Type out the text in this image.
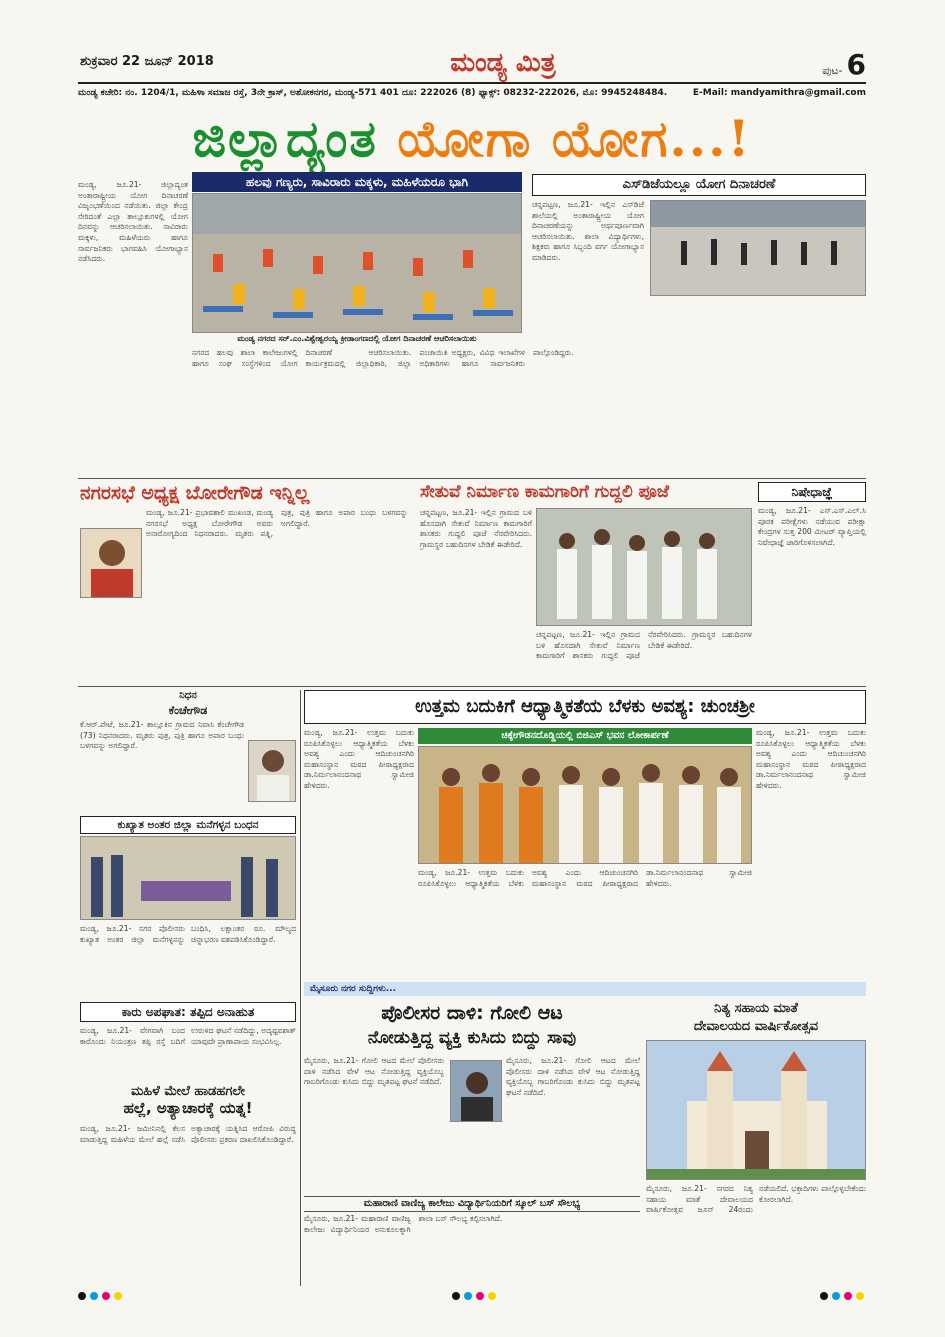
ಶುಕ್ರವಾರ 22 ಜೂನ್ 2018	ಮಂಡ್ಯ ಮಿತ್ರ	ಪುಟ- 6
ಮಂಡ್ಯ ಕಚೇರಿ: ನಂ. 1204/1, ಮಹಿಳಾ ಸಮಾಜ ರಸ್ತೆ, 3ನೇ ಕ್ರಾಸ್, ಅಶೋಕನಗರ, ಮಂಡ್ಯ-571 401 ದೂ: 222026 (8) ಫ್ಯಾಕ್ಸ್: 08232-222026, ಮೊ: 9945248484.	E-Mail: mandyamithra@gmail.com
ಜಿಲ್ಲಾದ್ಯಂತ ಯೋಗಾ ಯೋಗ...!

ಮಂಡ್ಯ, ಜೂ.21- ಜಿಲ್ಲಾದ್ಯಂತ ಅಂತಾರಾಷ್ಟ್ರೀಯ ಯೋಗ ದಿನಾಚರಣೆ ವಿಜೃಂಭಣೆಯಿಂದ ನಡೆಯಿತು. ಜಿಲ್ಲಾ ಕೇಂದ್ರ ಸೇರಿದಂತೆ ಎಲ್ಲಾ ತಾಲ್ಲೂಕುಗಳಲ್ಲಿ ಯೋಗ ದಿನವನ್ನು ಆಚರಿಸಲಾಯಿತು. ಸಾವಿರಾರು ಮಕ್ಕಳು, ಮಹಿಳೆಯರು ಹಾಗೂ ಸಾರ್ವಜನಿಕರು ಭಾಗವಹಿಸಿ ಯೋಗಾಭ್ಯಾಸ ನಡೆಸಿದರು.

ಹಲವು ಗಣ್ಯರು, ಸಾವಿರಾರು ಮಕ್ಕಳು, ಮಹಿಳೆಯರೂ ಭಾಗಿ
ಮಂಡ್ಯ ನಗರದ ಸರ್.ಎಂ.ವಿಶ್ವೇಶ್ವರಯ್ಯ ಕ್ರೀಡಾಂಗಣದಲ್ಲಿ ಯೋಗ ದಿನಾಚರಣೆ ಆಚರಿಸಲಾಯಿತು
ಎಸ್‌ಡಿಜೆಯಲ್ಲೂ ಯೋಗ ದಿನಾಚರಣೆ

ಚನ್ನಪಟ್ಟಣ, ಜೂ.21- ಇಲ್ಲಿನ ಎಸ್‌ಡಿಜೆ ಶಾಲೆಯಲ್ಲಿ ಅಂತಾರಾಷ್ಟ್ರೀಯ ಯೋಗ ದಿನಾಚರಣೆಯನ್ನು ಅರ್ಥಪೂರ್ಣವಾಗಿ ಆಚರಿಸಲಾಯಿತು. ಶಾಲಾ ವಿದ್ಯಾರ್ಥಿಗಳು, ಶಿಕ್ಷಕರು ಹಾಗೂ ಸಿಬ್ಬಂದಿ ವರ್ಗ ಯೋಗಾಭ್ಯಾಸ ಮಾಡಿದರು.

ನಗರದ ಹಲವು ಶಾಲಾ ಕಾಲೇಜುಗಳಲ್ಲಿ ಹಾಗೂ ಸಂಘ ಸಂಸ್ಥೆಗಳಿಂದ ಯೋಗ ದಿನಾಚರಣೆ ಆಚರಿಸಲಾಯಿತು. ಕಾರ್ಯಕ್ರಮದಲ್ಲಿ ಜಿಲ್ಲಾಧಿಕಾರಿ, ಜಿಲ್ಲಾ ಪಂಚಾಯಿತಿ ಅಧ್ಯಕ್ಷರು, ವಿವಿಧ ಇಲಾಖೆಗಳ ಅಧಿಕಾರಿಗಳು ಹಾಗೂ ಸಾರ್ವಜನಿಕರು ಪಾಲ್ಗೊಂಡಿದ್ದರು.

ನಗರಸಭೆ ಅಧ್ಯಕ್ಷ ಬೋರೇಗೌಡ ಇನ್ನಿಲ್ಲ

ಮಂಡ್ಯ, ಜೂ.21- ಪ್ರಭಾವಶಾಲಿ ಮುಖಂಡ, ಮಂಡ್ಯ ನಗರಸಭೆ ಅಧ್ಯಕ್ಷ ಬೋರೇಗೌಡ ಅವರು ಅನಾರೋಗ್ಯದಿಂದ ನಿಧನರಾದರು. ಮೃತರು ಪತ್ನಿ, ಪುತ್ರ, ಪುತ್ರಿ ಹಾಗೂ ಅಪಾರ ಬಂಧು ಬಳಗವನ್ನು ಅಗಲಿದ್ದಾರೆ.

ಸೇತುವೆ ನಿರ್ಮಾಣ ಕಾಮಗಾರಿಗೆ ಗುದ್ದಲಿ ಪೂಜೆ

ಚನ್ನಪಟ್ಟಣ, ಜೂ.21- ಇಲ್ಲಿನ ಗ್ರಾಮದ ಬಳಿ ಹೊಸದಾಗಿ ಸೇತುವೆ ನಿರ್ಮಾಣ ಕಾಮಗಾರಿಗೆ ಶಾಸಕರು ಗುದ್ದಲಿ ಪೂಜೆ ನೆರವೇರಿಸಿದರು. ಗ್ರಾಮಸ್ಥರ ಬಹುದಿನಗಳ ಬೇಡಿಕೆ ಈಡೇರಿದೆ.

ಚನ್ನಪಟ್ಟಣ, ಜೂ.21- ಇಲ್ಲಿನ ಗ್ರಾಮದ ಬಳಿ ಹೊಸದಾಗಿ ಸೇತುವೆ ನಿರ್ಮಾಣ ಕಾಮಗಾರಿಗೆ ಶಾಸಕರು ಗುದ್ದಲಿ ಪೂಜೆ ನೆರವೇರಿಸಿದರು. ಗ್ರಾಮಸ್ಥರ ಬಹುದಿನಗಳ ಬೇಡಿಕೆ ಈಡೇರಿದೆ.

ನಿಷೇಧಾಜ್ಞೆ

ಮಂಡ್ಯ, ಜೂ.21- ಎಸ್‌.ಎಸ್‌.ಎಲ್‌.ಸಿ ಪೂರಕ ಪರೀಕ್ಷೆಗಳು ನಡೆಯುವ ಪರೀಕ್ಷಾ ಕೇಂದ್ರಗಳ ಸುತ್ತ 200 ಮೀಟರ್ ವ್ಯಾಪ್ತಿಯಲ್ಲಿ ನಿಷೇಧಾಜ್ಞೆ ಜಾರಿಗೊಳಿಸಲಾಗಿದೆ.

ನಿಧನ
ಕೆಂಚೇಗೌಡ

ಕೆ.ಆರ್.ಪೇಟೆ, ಜೂ.21- ತಾಲ್ಲೂಕಿನ ಗ್ರಾಮದ ನಿವಾಸಿ ಕೆಂಚೇಗೌಡ (73) ನಿಧನರಾದರು. ಮೃತರು ಪುತ್ರ, ಪುತ್ರಿ ಹಾಗೂ ಅಪಾರ ಬಂಧು ಬಳಗವನ್ನು ಅಗಲಿದ್ದಾರೆ.

ಕುಖ್ಯಾತ ಅಂತರ ಜಿಲ್ಲಾ ಮನೆಗಳ್ಳನ ಬಂಧನ

ಮಂಡ್ಯ, ಜೂ.21- ನಗರ ಪೊಲೀಸರು ಕುಖ್ಯಾತ ಅಂತರ ಜಿಲ್ಲಾ ಮನೆಗಳ್ಳನನ್ನು ಬಂಧಿಸಿ, ಲಕ್ಷಾಂತರ ರೂ. ಮೌಲ್ಯದ ಚಿನ್ನಾಭರಣ ವಶಪಡಿಸಿಕೊಂಡಿದ್ದಾರೆ.

ಕಾರು ಅಪಘಾತ: ತಪ್ಪಿದ ಅನಾಹುತ

ಮಂಡ್ಯ, ಜೂ.21- ವೇಗವಾಗಿ ಬಂದ ಕಾರೊಂದು ನಿಯಂತ್ರಣ ತಪ್ಪಿ ರಸ್ತೆ ಬದಿಗೆ ಉರುಳಿದ ಘಟನೆ ನಡೆದಿದ್ದು, ಅದೃಷ್ಟವಶಾತ್ ಯಾವುದೇ ಪ್ರಾಣಾಪಾಯ ಸಂಭವಿಸಿಲ್ಲ.

ಮಹಿಳೆ ಮೇಲೆ ಹಾಡಹಗಲೇ
ಹಲ್ಲೆ, ಅತ್ಯಾಚಾರಕ್ಕೆ ಯತ್ನ!

ಮಂಡ್ಯ, ಜೂ.21- ಜಮೀನಿನಲ್ಲಿ ಕೆಲಸ ಮಾಡುತ್ತಿದ್ದ ಮಹಿಳೆಯ ಮೇಲೆ ಹಲ್ಲೆ ನಡೆಸಿ ಅತ್ಯಾಚಾರಕ್ಕೆ ಯತ್ನಿಸಿದ ಆರೋಪಿ ವಿರುದ್ಧ ಪೊಲೀಸರು ಪ್ರಕರಣ ದಾಖಲಿಸಿಕೊಂಡಿದ್ದಾರೆ.

ಉತ್ತಮ ಬದುಕಿಗೆ ಆಧ್ಯಾತ್ಮಿಕತೆಯ ಬೆಳಕು ಅವಶ್ಯ: ಚುಂಚಶ್ರೀ

ಮಂಡ್ಯ, ಜೂ.21- ಉತ್ತಮ ಬದುಕು ರೂಪಿಸಿಕೊಳ್ಳಲು ಆಧ್ಯಾತ್ಮಿಕತೆಯ ಬೆಳಕು ಅವಶ್ಯ ಎಂದು ಆದಿಚುಂಚನಗಿರಿ ಮಹಾಸಂಸ್ಥಾನ ಮಠದ ಪೀಠಾಧ್ಯಕ್ಷರಾದ ಡಾ.ನಿರ್ಮಲಾನಂದನಾಥ ಸ್ವಾಮೀಜಿ ಹೇಳಿದರು.

ಚಿಕ್ಕೇಗೌಡನದೊಡ್ಡಿಯಲ್ಲಿ ಬಿಜಿಎಸ್ ಭವನ ಲೋಕಾರ್ಪಣೆ

ಮಂಡ್ಯ, ಜೂ.21- ಉತ್ತಮ ಬದುಕು ರೂಪಿಸಿಕೊಳ್ಳಲು ಆಧ್ಯಾತ್ಮಿಕತೆಯ ಬೆಳಕು ಅವಶ್ಯ ಎಂದು ಆದಿಚುಂಚನಗಿರಿ ಮಹಾಸಂಸ್ಥಾನ ಮಠದ ಪೀಠಾಧ್ಯಕ್ಷರಾದ ಡಾ.ನಿರ್ಮಲಾನಂದನಾಥ ಸ್ವಾಮೀಜಿ ಹೇಳಿದರು.

ಮಂಡ್ಯ, ಜೂ.21- ಉತ್ತಮ ಬದುಕು ರೂಪಿಸಿಕೊಳ್ಳಲು ಆಧ್ಯಾತ್ಮಿಕತೆಯ ಬೆಳಕು ಅವಶ್ಯ ಎಂದು ಆದಿಚುಂಚನಗಿರಿ ಮಹಾಸಂಸ್ಥಾನ ಮಠದ ಪೀಠಾಧ್ಯಕ್ಷರಾದ ಡಾ.ನಿರ್ಮಲಾನಂದನಾಥ ಸ್ವಾಮೀಜಿ ಹೇಳಿದರು.

ಮೈಸೂರು ನಗರ ಸುದ್ದಿಗಳು...
ಪೊಲೀಸರ ದಾಳಿ: ಗೋಲಿ ಆಟ
ನೋಡುತ್ತಿದ್ದ ವ್ಯಕ್ತಿ ಕುಸಿದು ಬಿದ್ದು ಸಾವು

ಮೈಸೂರು, ಜೂ.21- ಗೋಲಿ ಆಟದ ಮೇಲೆ ಪೊಲೀಸರು ದಾಳಿ ನಡೆಸಿದ ವೇಳೆ ಆಟ ನೋಡುತ್ತಿದ್ದ ವ್ಯಕ್ತಿಯೊಬ್ಬ ಗಾಬರಿಗೊಂಡು ಕುಸಿದು ಬಿದ್ದು ಮೃತಪಟ್ಟ ಘಟನೆ ನಡೆದಿದೆ.

ಮೈಸೂರು, ಜೂ.21- ಗೋಲಿ ಆಟದ ಮೇಲೆ ಪೊಲೀಸರು ದಾಳಿ ನಡೆಸಿದ ವೇಳೆ ಆಟ ನೋಡುತ್ತಿದ್ದ ವ್ಯಕ್ತಿಯೊಬ್ಬ ಗಾಬರಿಗೊಂಡು ಕುಸಿದು ಬಿದ್ದು ಮೃತಪಟ್ಟ ಘಟನೆ ನಡೆದಿದೆ.

ಮಹಾರಾಣಿ ವಾಣಿಜ್ಯ ಕಾಲೇಜು ವಿದ್ಯಾರ್ಥಿನಿಯರಿಗೆ ಸ್ಕೂಲ್ ಬಸ್ ಸೌಲಭ್ಯ

ಮೈಸೂರು, ಜೂ.21- ಮಹಾರಾಣಿ ವಾಣಿಜ್ಯ ಕಾಲೇಜು ವಿದ್ಯಾರ್ಥಿನಿಯರ ಅನುಕೂಲಕ್ಕಾಗಿ ಶಾಲಾ ಬಸ್ ಸೌಲಭ್ಯ ಕಲ್ಪಿಸಲಾಗಿದೆ.

ನಿತ್ಯ ಸಹಾಯ ಮಾತೆ
ದೇವಾಲಯದ ವಾರ್ಷಿಕೋತ್ಸವ

ಮೈಸೂರು, ಜೂ.21- ನಗರದ ನಿತ್ಯ ಸಹಾಯ ಮಾತೆ ದೇವಾಲಯದ ವಾರ್ಷಿಕೋತ್ಸವ ಜೂನ್ 24ರಂದು ನಡೆಯಲಿದೆ. ಭಕ್ತಾದಿಗಳು ಪಾಲ್ಗೊಳ್ಳಬೇಕೆಂದು ಕೋರಲಾಗಿದೆ.
